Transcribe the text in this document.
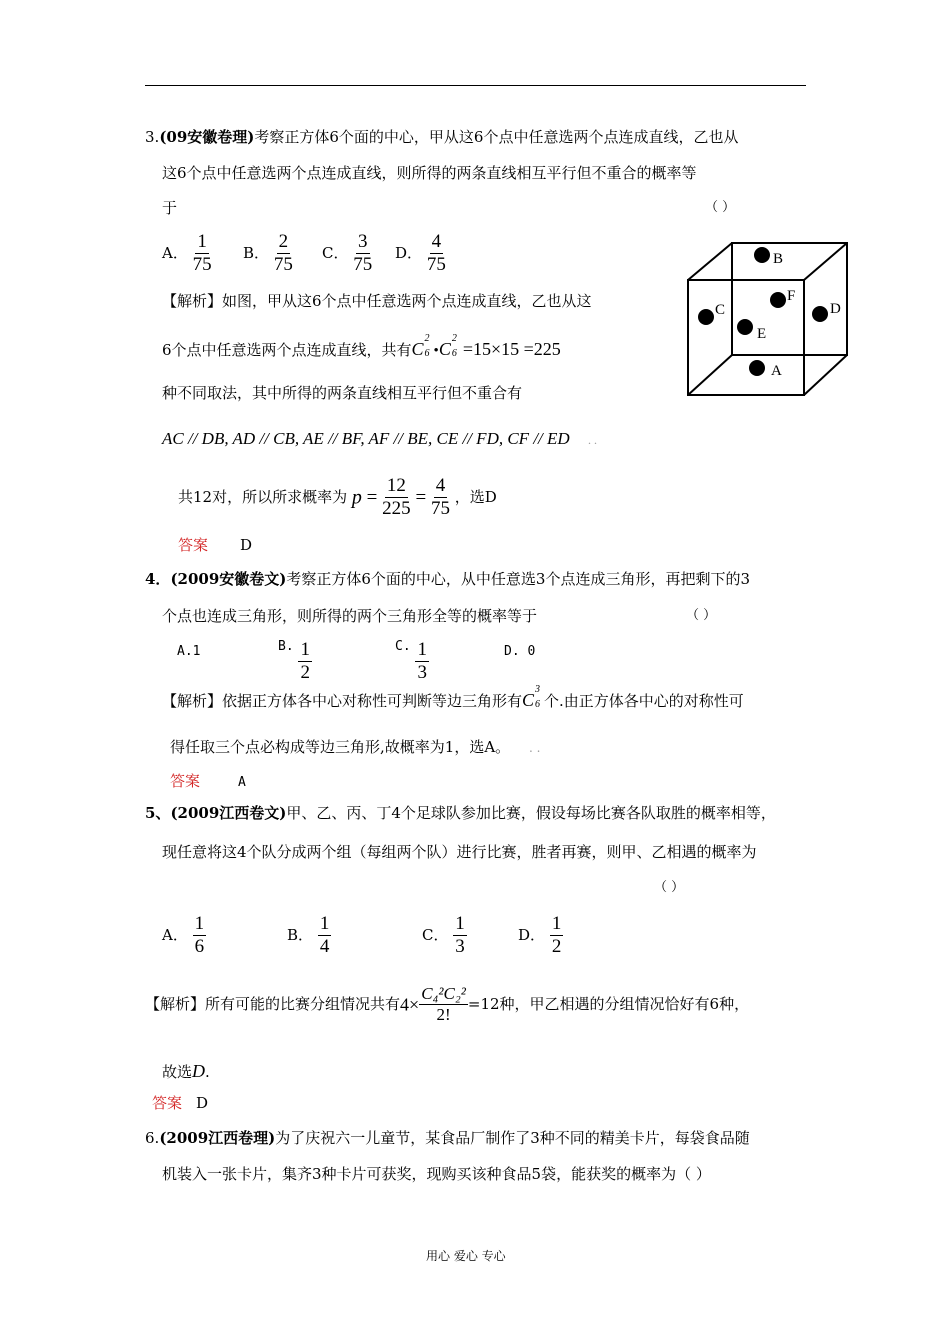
3.(09安徽卷理)考察正方体6个面的中心，甲从这6个点中任意选两个点连成直线，乙也从
这6个点中任意选两个点连成直线，则所得的两条直线相互平行但不重合的概率等
于	（ ）
A． $\frac{1}{75}$ B． $\frac{2}{75}$ C． $\frac{3}{75}$ D． $\frac{4}{75}$	B
F
C	D
E
A
【解析】如图，甲从这6个点中任意选两个点连成直线，乙也从这
6个点中任意选两个点连成直线，共有C
2
6 •C
2
6 =15×15 =225
种不同取法，其中所得的两条直线相互平行但不重合有
AC // DB, AD // CB, AE // BF, AF // BE, CE // FD, CF // ED . .
共12对，所以所求概率为 $p = \frac{12}{225} = \frac{4}{75}$ ，选D
答案 D
4．(2009安徽卷文)考察正方体6个面的中心，从中任意选3个点连成三角形，再把剩下的3
个点也连成三角形，则所得的两个三角形全等的概率等于	（ ）
A.1	B. $\frac{1}{2}$	C. $\frac{1}{3}$	D. 0
【解析】依据正方体各中心对称性可判断等边三角形有C
3
6 个.由正方体各中心的对称性可
得任取三个点必构成等边三角形,故概率为1，选A。 . .
答案	A
5、(2009江西卷文)甲、乙、丙、丁4个足球队参加比赛，假设每场比赛各队取胜的概率相等，
现任意将这4个队分成两个组（每组两个队）进行比赛，胜者再赛，则甲、乙相遇的概率为
（ ）
A． $\frac{1}{6}$	B． $\frac{1}{4}$	C． $\frac{1}{3}$	D． $\frac{1}{2}$
【解析】所有可能的比赛分组情况共有$4\times \frac{\text{C₄²C₂²}}{2!} =12$种，甲乙相遇的分组情况恰好有6种，
故选D.
答案 D
6.(2009江西卷理)为了庆祝六一儿童节，某食品厂制作了3种不同的精美卡片，每袋食品随
机装入一张卡片，集齐3种卡片可获奖，现购买该种食品5袋，能获奖的概率为（ ）
用心 爱心 专心
